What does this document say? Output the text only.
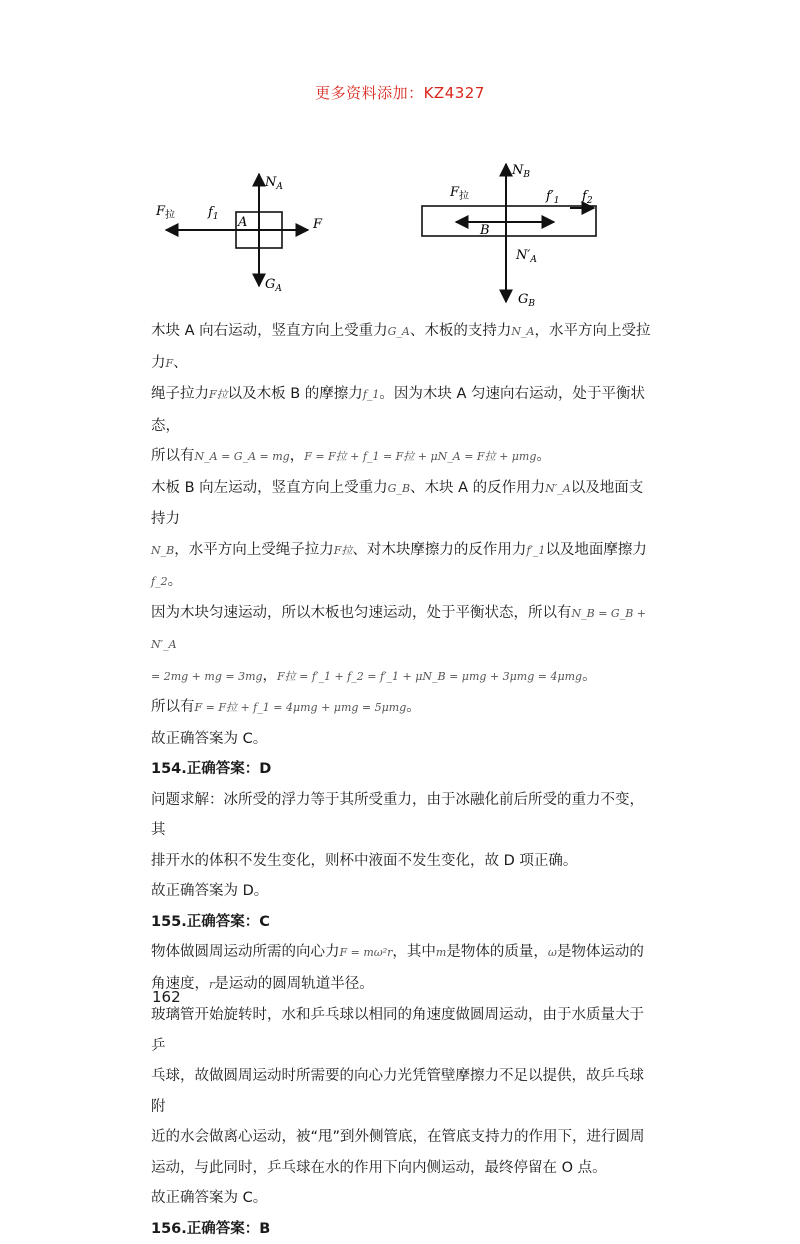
更多资料添加：KZ4327
$N_A$
$G_A$
F
$F_拉$	$f_1$ A
$N_B$
$G_B$
$N'_A$
$F_拉$	$f'_1$ $f_2$
B

木块 A 向右运动，竖直方向上受重力G_A、木板的支持力N_A，水平方向上受拉力F、

绳子拉力F拉以及木板 B 的摩擦力f_1。因为木块 A 匀速向右运动，处于平衡状态，

所以有N_A = G_A = mg，F = F拉 + f_1 = F拉 + μN_A = F拉 + μmg。

木板 B 向左运动，竖直方向上受重力G_B、木块 A 的反作用力N′_A以及地面支持力

N_B，水平方向上受绳子拉力F拉、对木块摩擦力的反作用力f′_1以及地面摩擦力f_2。

因为木块匀速运动，所以木板也匀速运动，处于平衡状态，所以有N_B = G_B + N′_A

= 2mg + mg = 3mg，F拉 = f′_1 + f_2 = f′_1 + μN_B = μmg + 3μmg = 4μmg。

所以有F = F拉 + f_1 = 4μmg + μmg = 5μmg。

故正确答案为 C。

154.正确答案：D

问题求解：冰所受的浮力等于其所受重力，由于冰融化前后所受的重力不变，其

排开水的体积不发生变化，则杯中液面不发生变化，故 D 项正确。

故正确答案为 D。

155.正确答案：C

物体做圆周运动所需的向心力F = mω²r，其中m是物体的质量，ω是物体运动的

角速度，r是运动的圆周轨道半径。

玻璃管开始旋转时，水和乒乓球以相同的角速度做圆周运动，由于水质量大于乒

乓球，故做圆周运动时所需要的向心力光凭管壁摩擦力不足以提供，故乒乓球附

近的水会做离心运动，被“甩”到外侧管底，在管底支持力的作用下，进行圆周

运动，与此同时，乒乓球在水的作用下向内侧运动，最终停留在 O 点。

故正确答案为 C。

156.正确答案：B

162
